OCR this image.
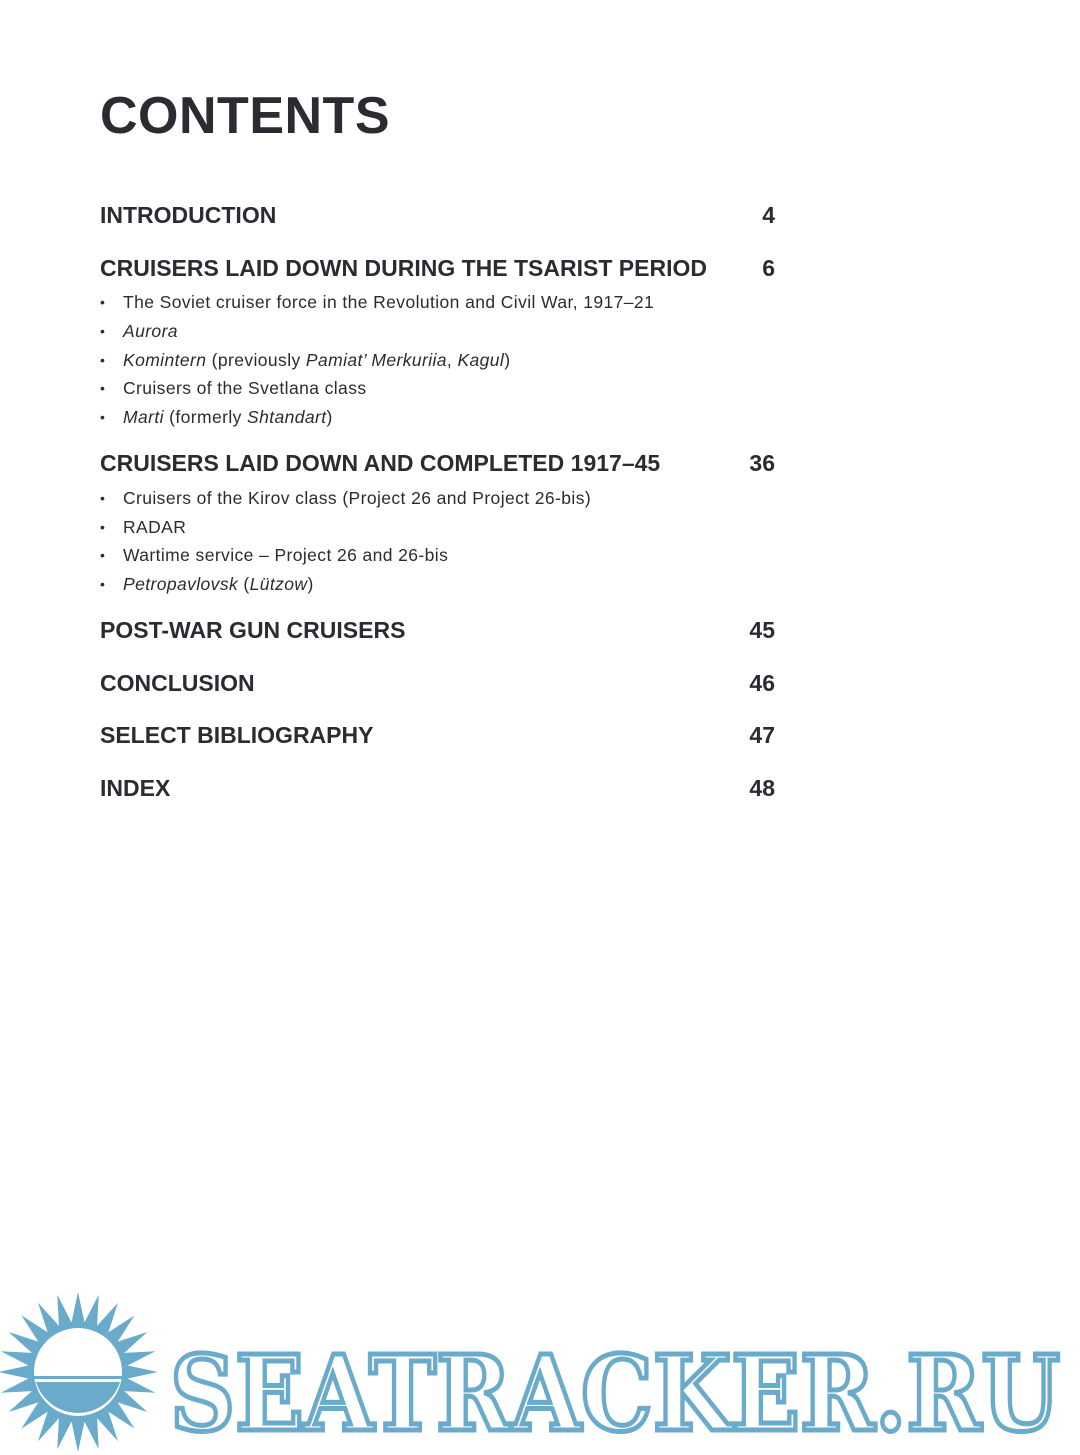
CONTENTS
INTRODUCTION	4
CRUISERS LAID DOWN DURING THE TSARIST PERIOD 6
• The Soviet cruiser force in the Revolution and Civil War, 1917–21
• Aurora
• Komintern (previously Pamiat’ Merkuriia, Kagul)
• Cruisers of the Svetlana class
• Marti (formerly Shtandart)
CRUISERS LAID DOWN AND COMPLETED 1917–45	36
• Cruisers of the Kirov class (Project 26 and Project 26-bis)
• RADAR
• Wartime service – Project 26 and 26-bis
• Petropavlovsk (Lützow)
POST-WAR GUN CRUISERS	45
CONCLUSION	46
SELECT BIBLIOGRAPHY	47
INDEX	48
SEATRACKER.RU
